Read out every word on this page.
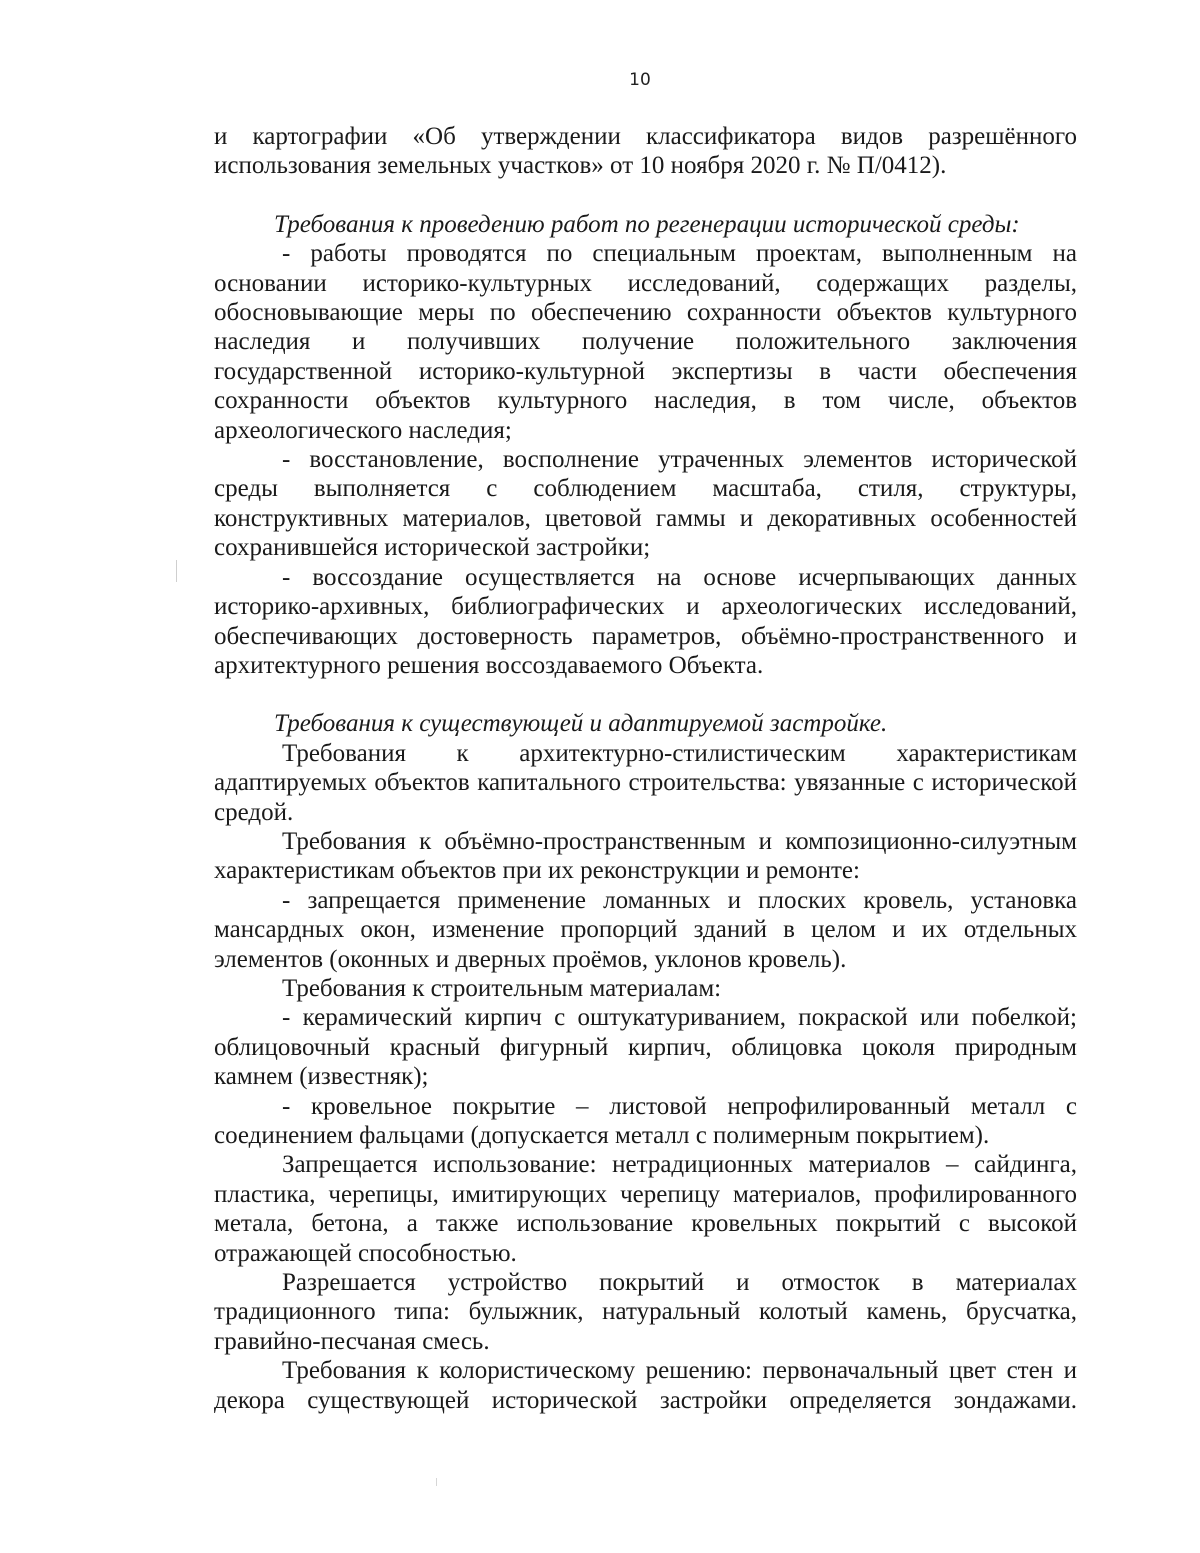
10

и картографии «Об утверждении классификатора видов разрешённого использования земельных участков» от 10 ноября 2020 г. № П/0412).

Требования к проведению работ по регенерации исторической среды:

- работы проводятся по специальным проектам, выполненным на основании историко-культурных исследований, содержащих разделы, обосновывающие меры по обеспечению сохранности объектов культурного наследия и получивших получение положительного заключения государственной историко-культурной экспертизы в части обеспечения сохранности объектов культурного наследия, в том числе, объектов археологического наследия;

- восстановление, восполнение утраченных элементов исторической среды выполняется с соблюдением масштаба, стиля, структуры, конструктивных материалов, цветовой гаммы и декоративных особенностей сохранившейся исторической застройки;

- воссоздание осуществляется на основе исчерпывающих данных историко-архивных, библиографических и археологических исследований, обеспечивающих достоверность параметров, объёмно-пространственного и архитектурного решения воссоздаваемого Объекта.

Требования к существующей и адаптируемой застройке.

Требования к архитектурно-стилистическим характеристикам адаптируемых объектов капитального строительства: увязанные с исторической средой.

Требования к объёмно-пространственным и композиционно-силуэтным характеристикам объектов при их реконструкции и ремонте:

- запрещается применение ломанных и плоских кровель, установка мансардных окон, изменение пропорций зданий в целом и их отдельных элементов (оконных и дверных проёмов, уклонов кровель).

Требования к строительным материалам:

- керамический кирпич с оштукатуриванием, покраской или побелкой; облицовочный красный фигурный кирпич, облицовка цоколя природным камнем (известняк);

- кровельное покрытие – листовой непрофилированный металл с соединением фальцами (допускается металл с полимерным покрытием).

Запрещается использование: нетрадиционных материалов – сайдинга, пластика, черепицы, имитирующих черепицу материалов, профилированного метала, бетона, а также использование кровельных покрытий с высокой отражающей способностью.

Разрешается устройство покрытий и отмосток в материалах традиционного типа: булыжник, натуральный колотый камень, брусчатка, гравийно-песчаная смесь.

Требования к колористическому решению: первоначальный цвет стен и декора существующей исторической застройки определяется зондажами.
